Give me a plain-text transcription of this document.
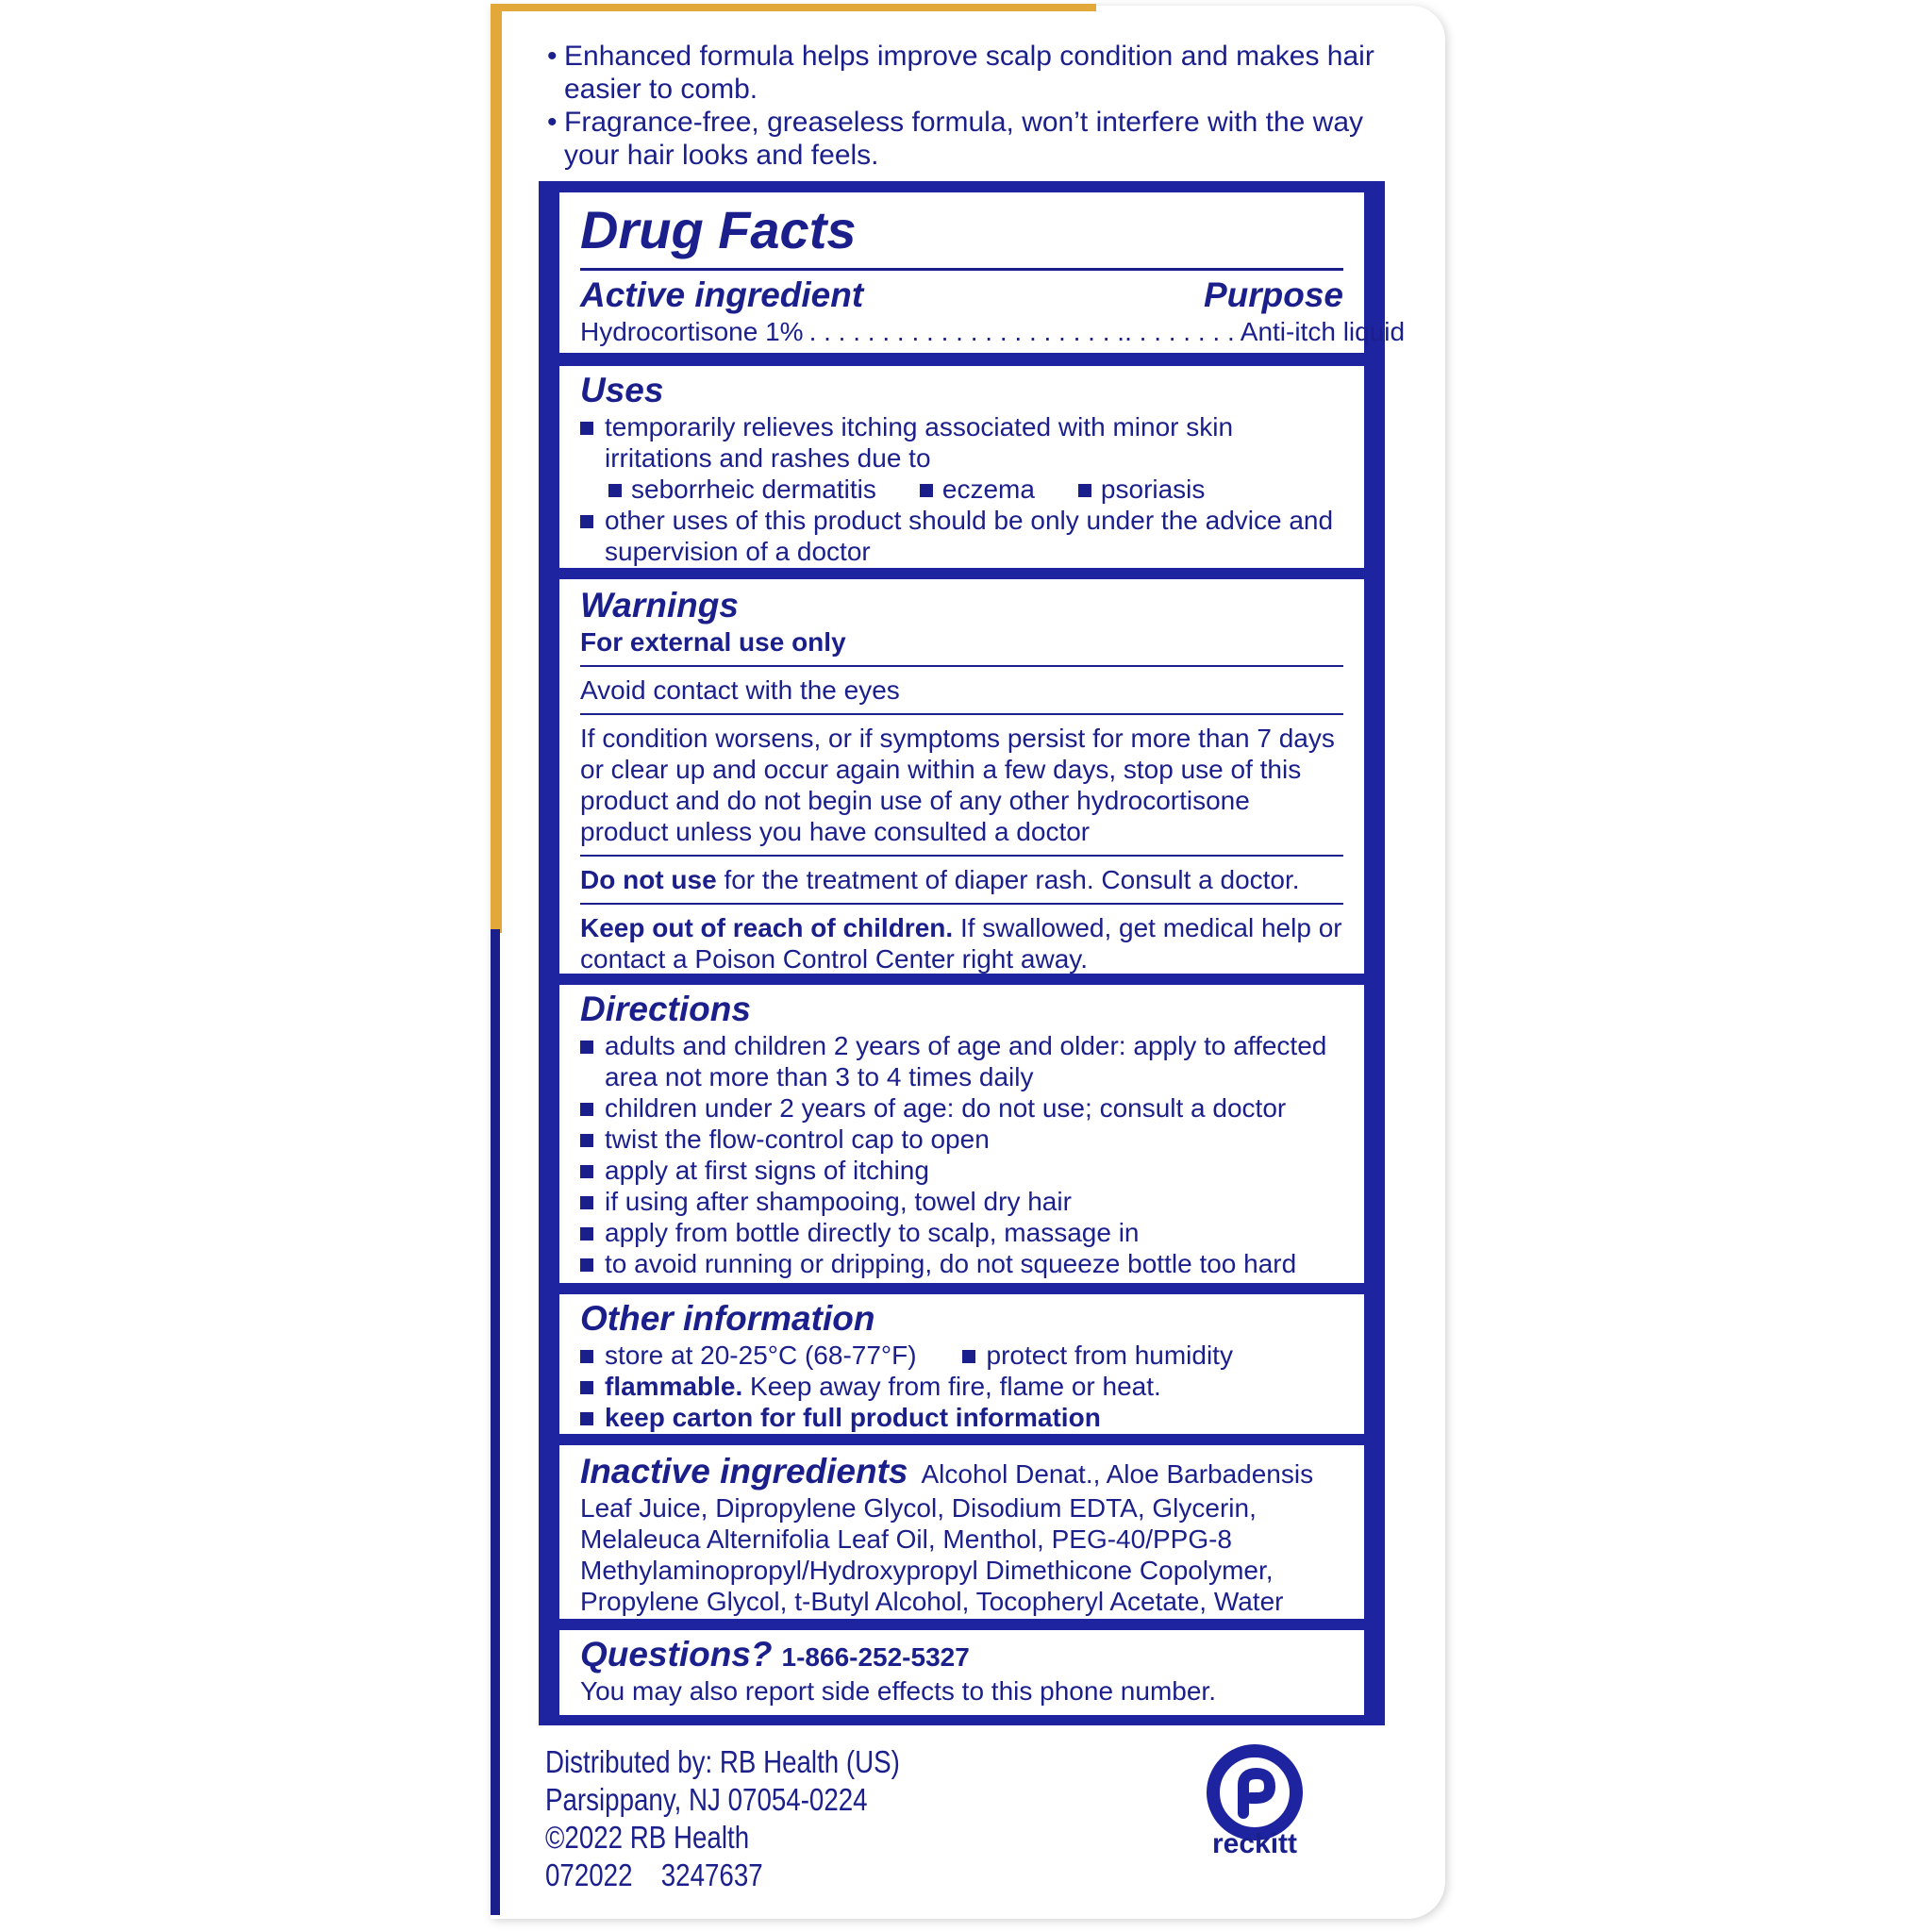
• Enhanced formula helps improve scalp condition and makes hair easier to comb.
• Fragrance-free, greaseless formula, won’t interfere with the way your hair looks and feels.
Drug Facts
Active ingredient	Purpose
Hydrocortisone 1% . . . . . . . . . . . . . . . . . . . . . .. . . . . . . . Anti-itch liquid
Uses
temporarily relieves itching associated with minor skin irritations and rashes due to
seborrheic dermatitis	eczema	psoriasis
other uses of this product should be only under the advice and supervision of a doctor
Warnings
For external use only
Avoid contact with the eyes
If condition worsens, or if symptoms persist for more than 7 days or clear up and occur again within a few days, stop use of this product and do not begin use of any other hydrocortisone product unless you have consulted a doctor
Do not use for the treatment of diaper rash. Consult a doctor.
Keep out of reach of children. If swallowed, get medical help or contact a Poison Control Center right away.
Directions
adults and children 2 years of age and older: apply to affected area not more than 3 to 4 times daily
children under 2 years of age: do not use; consult a doctor
twist the flow-control cap to open
apply at first signs of itching
if using after shampooing, towel dry hair
apply from bottle directly to scalp, massage in
to avoid running or dripping, do not squeeze bottle too hard
Other information
store at 20-25°C (68-77°F)	protect from humidity
flammable. Keep away from fire, flame or heat.
keep carton for full product information
Inactive ingredients Alcohol Denat., Aloe Barbadensis Leaf Juice, Dipropylene Glycol, Disodium EDTA, Glycerin, Melaleuca Alternifolia Leaf Oil, Menthol, PEG-40/PPG-8 Methylaminopropyl/Hydroxypropyl Dimethicone Copolymer, Propylene Glycol, t-Butyl Alcohol, Tocopheryl Acetate, Water
Questions? 1-866-252-5327
You may also report side effects to this phone number.
Distributed by: RB Health (US)
Parsippany, NJ 07054-0224
©2022 RB Health
072022 3247637
reckitt
